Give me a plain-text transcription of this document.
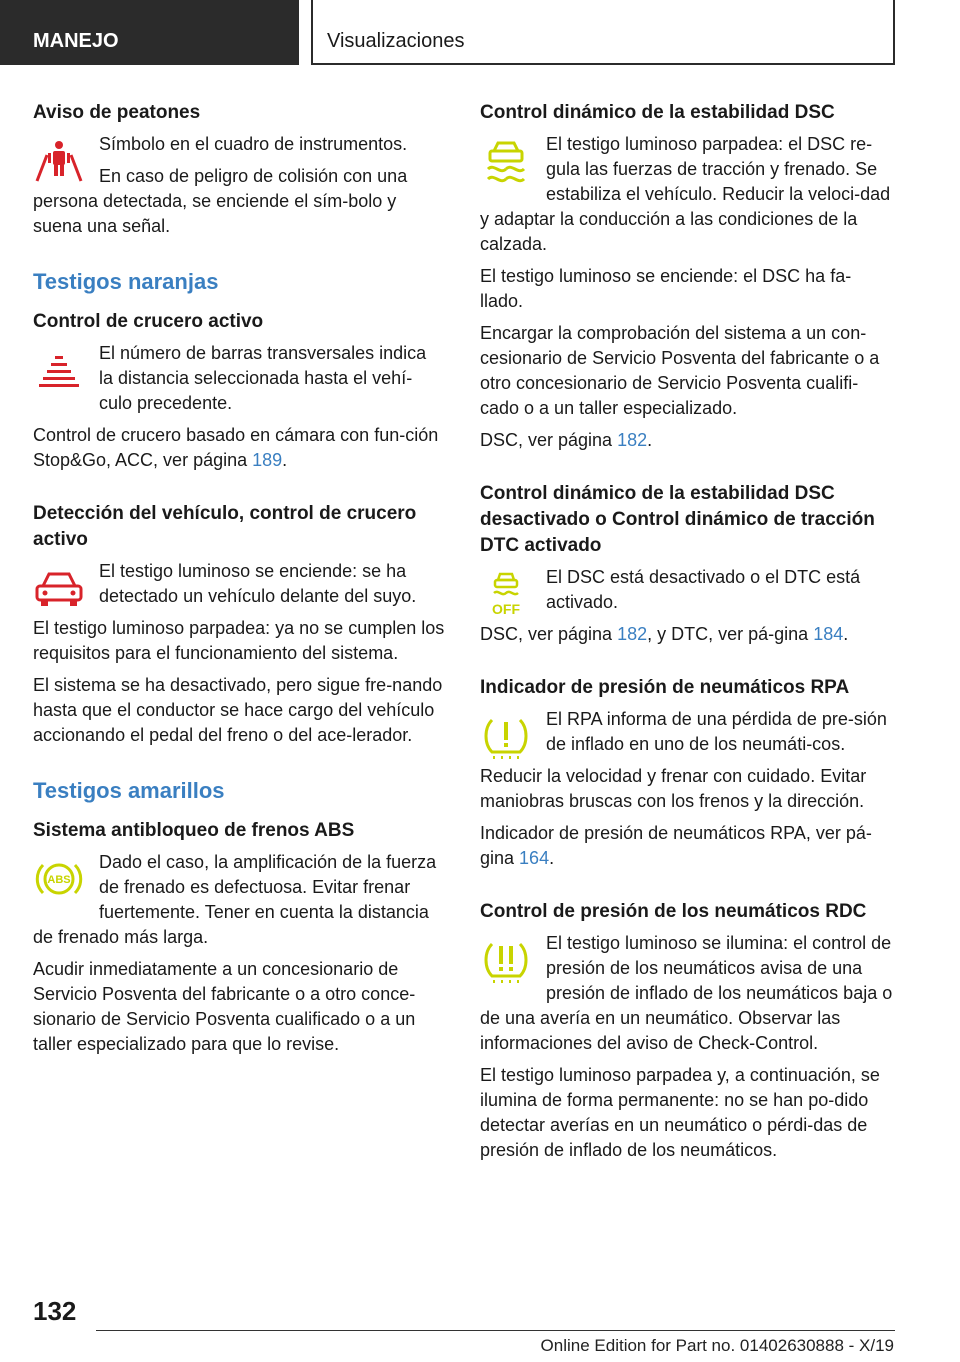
MANEJO	Visualizaciones
Aviso de peatones

Símbolo en el cuadro de instrumentos.

En caso de peligro de colisión con una persona detectada, se enciende el sím‐bolo y suena una señal.

Testigos naranjas
Control de crucero activo

El número de barras transversales indica la distancia seleccionada hasta el vehí‐culo precedente.

Control de crucero basado en cámara con fun‐ción Stop&Go, ACC, ver página 189.

Detección del vehículo, control de crucero activo

El testigo luminoso se enciende: se ha detectado un vehículo delante del suyo.

El testigo luminoso parpadea: ya no se cumplen los requisitos para el funcionamiento del sistema.

El sistema se ha desactivado, pero sigue fre‐nando hasta que el conductor se hace cargo del vehículo accionando el pedal del freno o del ace‐lerador.

Testigos amarillos
Sistema antibloqueo de frenos ABS
ABS

Dado el caso, la amplificación de la fuerza de frenado es defectuosa. Evitar frenar fuertemente. Tener en cuenta la distancia de frenado más larga.

Acudir inmediatamente a un concesionario de Servicio Posventa del fabricante o a otro conce‐sionario de Servicio Posventa cualificado o a un taller especializado para que lo revise.

Control dinámico de la estabilidad DSC

El testigo luminoso parpadea: el DSC re‐gula las fuerzas de tracción y frenado. Se estabiliza el vehículo. Reducir la veloci‐dad y adaptar la conducción a las condiciones de la calzada.

El testigo luminoso se enciende: el DSC ha fa‐llado.

Encargar la comprobación del sistema a un con‐cesionario de Servicio Posventa del fabricante o a otro concesionario de Servicio Posventa cualifi‐cado o a un taller especializado.

DSC, ver página 182.

Control dinámico de la estabilidad DSC desactivado o Control dinámico de tracción DTC activado
OFF

El DSC está desactivado o el DTC está activado.

DSC, ver página 182, y DTC, ver pá‐gina 184.

Indicador de presión de neumáticos RPA

El RPA informa de una pérdida de pre‐sión de inflado en uno de los neumáti‐cos.

Reducir la velocidad y frenar con cuidado. Evitar maniobras bruscas con los frenos y la dirección.

Indicador de presión de neumáticos RPA, ver pá‐gina 164.

Control de presión de los neumáticos RDC

El testigo luminoso se ilumina: el control de presión de los neumáticos avisa de una presión de inflado de los neumáticos baja o de una avería en un neumático. Observar las informaciones del aviso de Check-Control.

El testigo luminoso parpadea y, a continuación, se ilumina de forma permanente: no se han po‐dido detectar averías en un neumático o pérdi‐das de presión de inflado de los neumáticos.

132
Online Edition for Part no. 01402630888 - X/19
